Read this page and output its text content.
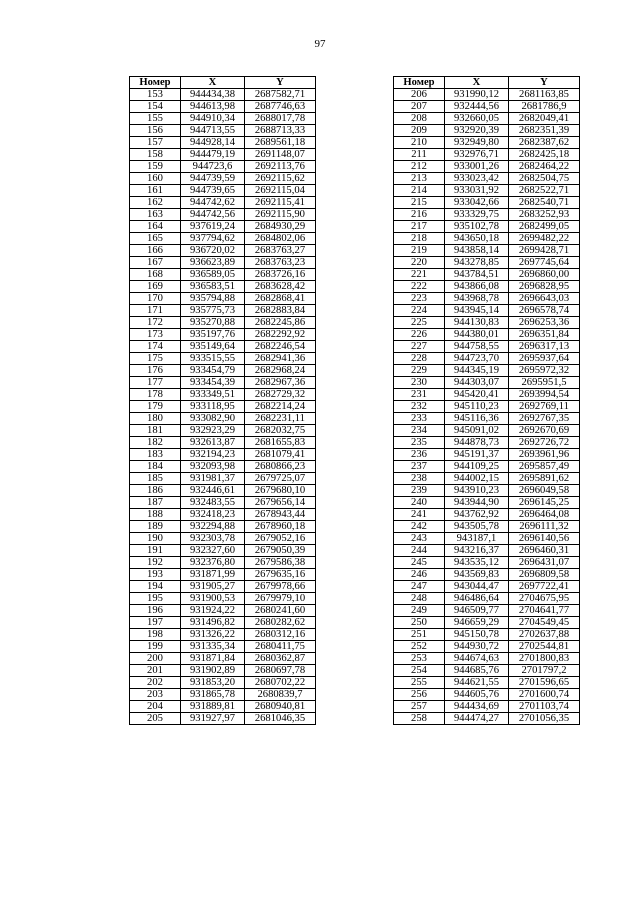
97
Номер	X	Y
153	944434,38	2687582,71
154	944613,98	2687746,63
155	944910,34	2688017,78
156	944713,55	2688713,33
157	944928,14	2689561,18
158	944479,19	2691148,07
159	944723,6	2692113,76
160	944739,59	2692115,62
161	944739,65	2692115,04
162	944742,62	2692115,41
163	944742,56	2692115,90
164	937619,24	2684930,29
165	937794,62	2684802,06
166	936720,02	2683763,27
167	936623,89	2683763,23
168	936589,05	2683726,16
169	936583,51	2683628,42
170	935794,88	2682868,41
171	935775,73	2682883,84
172	935270,88	2682245,86
173	935197,76	2682292,92
174	935149,64	2682246,54
175	933515,55	2682941,36
176	933454,79	2682968,24
177	933454,39	2682967,36
178	933349,51	2682729,32
179	933118,95	2682214,24
180	933082,90	2682231,11
181	932923,29	2682032,75
182	932613,87	2681655,83
183	932194,23	2681079,41
184	932093,98	2680866,23
185	931981,37	2679725,07
186	932446,61	2679680,10
187	932483,55	2679656,14
188	932418,23	2678943,44
189	932294,88	2678960,18
190	932303,78	2679052,16
191	932327,60	2679050,39
192	932376,80	2679586,38
193	931871,99	2679635,16
194	931905,27	2679978,66
195	931900,53	2679979,10
196	931924,22	2680241,60
197	931496,82	2680282,62
198	931326,22	2680312,16
199	931335,34	2680411,75
200	931871,84	2680362,87
201	931902,89	2680697,78
202	931853,20	2680702,22
203	931865,78	2680839,7
204	931889,81	2680940,81
205	931927,97	2681046,35
Номер	X	Y
206	931990,12	2681163,85
207	932444,56	2681786,9
208	932660,05	2682049,41
209	932920,39	2682351,39
210	932949,80	2682387,62
211	932976,71	2682425,18
212	933001,26	2682464,22
213	933023,42	2682504,75
214	933031,92	2682522,71
215	933042,66	2682540,71
216	933329,75	2683252,93
217	935102,78	2682499,05
218	943650,18	2699482,22
219	943858,14	2699428,71
220	943278,85	2697745,64
221	943784,51	2696860,00
222	943866,08	2696828,95
223	943968,78	2696643,03
224	943945,14	2696578,74
225	944130,83	2696253,36
226	944380,01	2696351,84
227	944758,55	2696317,13
228	944723,70	2695937,64
229	944345,19	2695972,32
230	944303,07	2695951,5
231	945420,41	2693994,54
232	945110,23	2692769,11
233	945116,36	2692767,35
234	945091,02	2692670,69
235	944878,73	2692726,72
236	945191,37	2693961,96
237	944109,25	2695857,49
238	944002,15	2695891,62
239	943910,23	2696049,58
240	943944,90	2696145,25
241	943762,92	2696464,08
242	943505,78	2696111,32
243	943187,1	2696140,56
244	943216,37	2696460,31
245	943535,12	2696431,07
246	943569,83	2696809,58
247	943044,47	2697722,41
248	946486,64	2704675,95
249	946509,77	2704641,77
250	946659,29	2704549,45
251	945150,78	2702637,88
252	944930,72	2702544,81
253	944674,63	2701800,83
254	944685,76	2701797,2
255	944621,55	2701596,65
256	944605,76	2701600,74
257	944434,69	2701103,74
258	944474,27	2701056,35
